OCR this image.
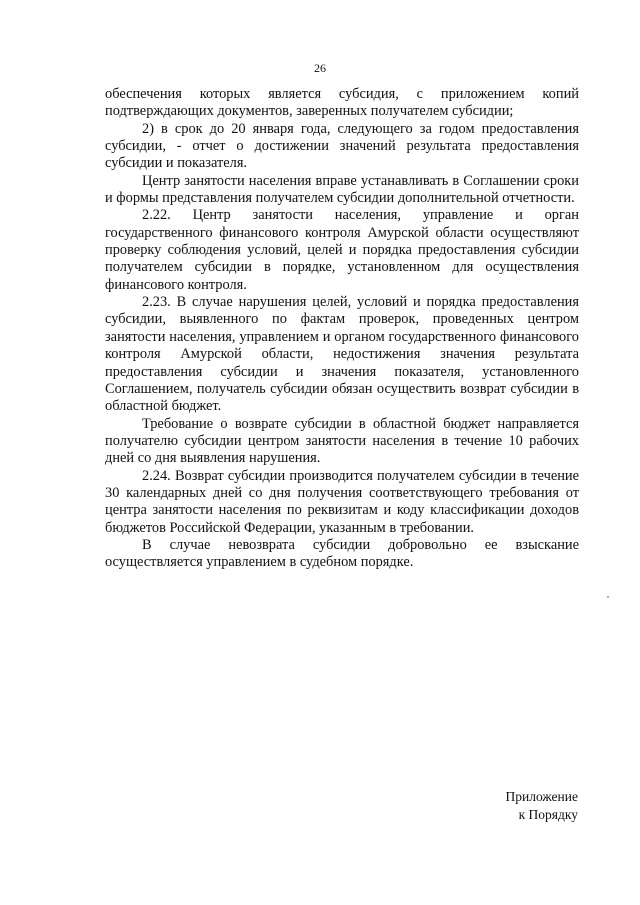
26

обеспечения которых является субсидия, с приложением копий подтверждающих документов, заверенных получателем субсидии;

2) в срок до 20 января года, следующего за годом предоставления субсидии, - отчет о достижении значений результата предоставления субсидии и показателя.

Центр занятости населения вправе устанавливать в Соглашении сроки и формы представления получателем субсидии дополнительной отчетности.

2.22. Центр занятости населения, управление и орган государственного финансового контроля Амурской области осуществляют проверку соблюдения условий, целей и порядка предоставления субсидии получателем субсидии в порядке, установленном для осуществления финансового контроля.

2.23. В случае нарушения целей, условий и порядка предоставления субсидии, выявленного по фактам проверок, проведенных центром занятости населения, управлением и органом государственного финансового контроля Амурской области, недостижения значения результата предоставления субсидии и значения показателя, установленного Соглашением, получатель субсидии обязан осуществить возврат субсидии в областной бюджет.

Требование о возврате субсидии в областной бюджет направляется получателю субсидии центром занятости населения в течение 10 рабочих дней со дня выявления нарушения.

2.24. Возврат субсидии производится получателем субсидии в течение 30 календарных дней со дня получения соответствующего требования от центра занятости населения по реквизитам и коду классификации доходов бюджетов Российской Федерации, указанным в требовании.

В случае невозврата субсидии добровольно ее взыскание осуществляется управлением в судебном порядке.

Приложение
к Порядку
